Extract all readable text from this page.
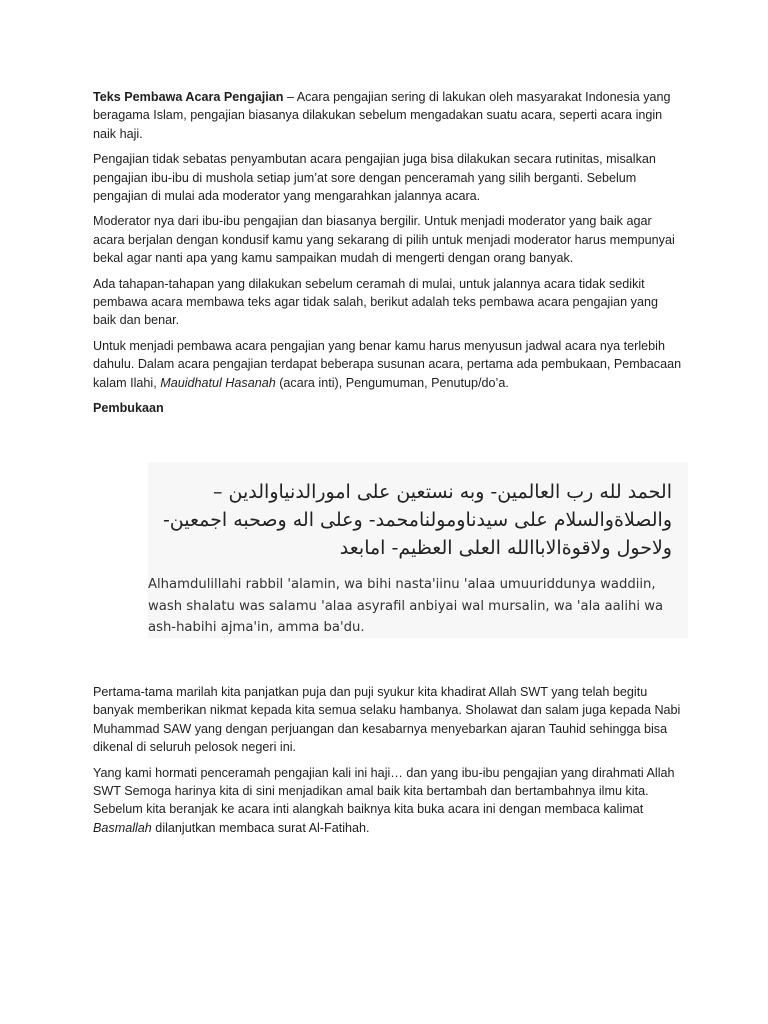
Teks Pembawa Acara Pengajian – Acara pengajian sering di lakukan oleh masyarakat Indonesia yang beragama Islam, pengajian biasanya dilakukan sebelum mengadakan suatu acara, seperti acara ingin naik haji.

Pengajian tidak sebatas penyambutan acara pengajian juga bisa dilakukan secara rutinitas, misalkan pengajian ibu-ibu di mushola setiap jum’at sore dengan penceramah yang silih berganti. Sebelum pengajian di mulai ada moderator yang mengarahkan jalannya acara.

Moderator nya dari ibu-ibu pengajian dan biasanya bergilir. Untuk menjadi moderator yang baik agar acara berjalan dengan kondusif kamu yang sekarang di pilih untuk menjadi moderator harus mempunyai bekal agar nanti apa yang kamu sampaikan mudah di mengerti dengan orang banyak.

Ada tahapan-tahapan yang dilakukan sebelum ceramah di mulai, untuk jalannya acara tidak sedikit pembawa acara membawa teks agar tidak salah, berikut adalah teks pembawa acara pengajian yang baik dan benar.

Untuk menjadi pembawa acara pengajian yang benar kamu harus menyusun jadwal acara nya terlebih dahulu. Dalam acara pengajian terdapat beberapa susunan acara, pertama ada pembukaan, Pembacaan kalam Ilahi, Mauidhatul Hasanah (acara inti), Pengumuman, Penutup/do’a.

Pembukaan

الحمد لله رب العالمين- وبه نستعين على امورالدنياوالدين –
والصلاةوالسلام على سيدناومولنامحمد- وعلى اله وصحبه اجمعين-
ولاحول ولاقوةالاباالله العلى العظيم- امابعد
Alhamdulillahi rabbil 'alamin, wa bihi nasta'iinu 'alaa umuuriddunya waddiin, wash shalatu was salamu 'alaa asyrafil anbiyai wal mursalin, wa 'ala aalihi wa ash-habihi ajma'in, amma ba'du.

Pertama-tama marilah kita panjatkan puja dan puji syukur kita khadirat Allah SWT yang telah begitu banyak memberikan nikmat kepada kita semua selaku hambanya. Sholawat dan salam juga kepada Nabi Muhammad SAW yang dengan perjuangan dan kesabarnya menyebarkan ajaran Tauhid sehingga bisa dikenal di seluruh pelosok negeri ini.

Yang kami hormati penceramah pengajian kali ini haji… dan yang ibu-ibu pengajian yang dirahmati Allah SWT Semoga harinya kita di sini menjadikan amal baik kita bertambah dan bertambahnya ilmu kita. Sebelum kita beranjak ke acara inti alangkah baiknya kita buka acara ini dengan membaca kalimat Basmallah dilanjutkan membaca surat Al-Fatihah.
